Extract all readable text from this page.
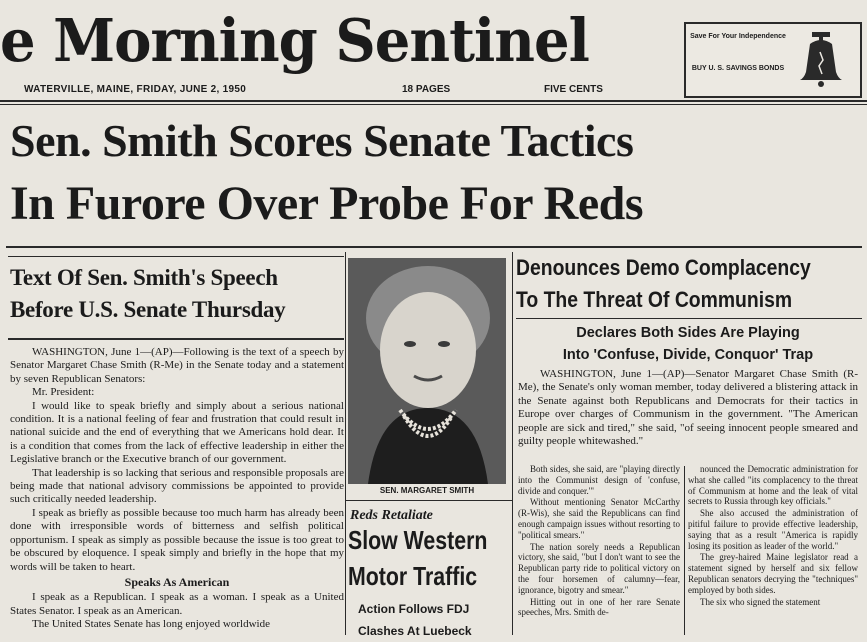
e Morning Sentinel
WATERVILLE, MAINE, FRIDAY, JUNE 2, 1950	18 PAGES	FIVE CENTS
Save For Your Independence
BUY U. S. SAVINGS BONDS
Sen. Smith Scores Senate Tactics
In Furore Over Probe For Reds
Text Of Sen. Smith's Speech
Before U.S. Senate Thursday

WASHINGTON, June 1—(AP)—Following is the text of a speech by Senator Margaret Chase Smith (R-Me) in the Senate today and a statement by seven Republican Senators:

Mr. President:

I would like to speak briefly and simply about a serious national condition. It is a national feeling of fear and frustration that could result in national suicide and the end of everything that we Americans hold dear. It is a condition that comes from the lack of effective leadership in either the Legislative branch or the Executive branch of our government.

That leadership is so lacking that serious and responsible proposals are being made that national advisory commissions be appointed to provide such critically needed leadership.

I speak as briefly as possible because too much harm has already been done with irresponsible words of bitterness and selfish political opportunism. I speak as simply as possible because the issue is too great to be obscured by eloquence. I speak simply and briefly in the hope that my words will be taken to heart.

Speaks As American

I speak as a Republican. I speak as a woman. I speak as a United States Senator. I speak as an American.

The United States Senate has long enjoyed worldwide

SEN. MARGARET SMITH
Reds Retaliate
Slow Western
Motor Traffic
Action Follows FDJ
Clashes At Luebeck
Denounces Demo Complacency
To The Threat Of Communism
Declares Both Sides Are Playing
Into 'Confuse, Divide, Conquor' Trap

WASHINGTON, June 1—(AP)—Senator Margaret Chase Smith (R-Me), the Senate's only woman member, today delivered a blistering attack in the Senate against both Republicans and Democrats for their tactics in Europe over charges of Communism in the government. "The American people are sick and tired," she said, "of seeing innocent people smeared and guilty people whitewashed."

Both sides, she said, are "playing directly into the Communist design of 'confuse, divide and conquer.'"

Without mentioning Senator McCarthy (R-Wis), she said the Republicans can find enough campaign issues without resorting to "political smears."

The nation sorely needs a Republican victory, she said, "but I don't want to see the Republican party ride to political victory on the four horsemen of calumny—fear, ignorance, bigotry and smear."

Hitting out in one of her rare Senate speeches, Mrs. Smith de-

nounced the Democratic administration for what she called "its complacency to the threat of Communism at home and the leak of vital secrets to Russia through key officials."

She also accused the administration of pitiful failure to provide effective leadership, saying that as a result "America is rapidly losing its position as leader of the world."

The grey-haired Maine legislator read a statement signed by herself and six fellow Republican senators decrying the "techniques" employed by both sides.

The six who signed the statement
